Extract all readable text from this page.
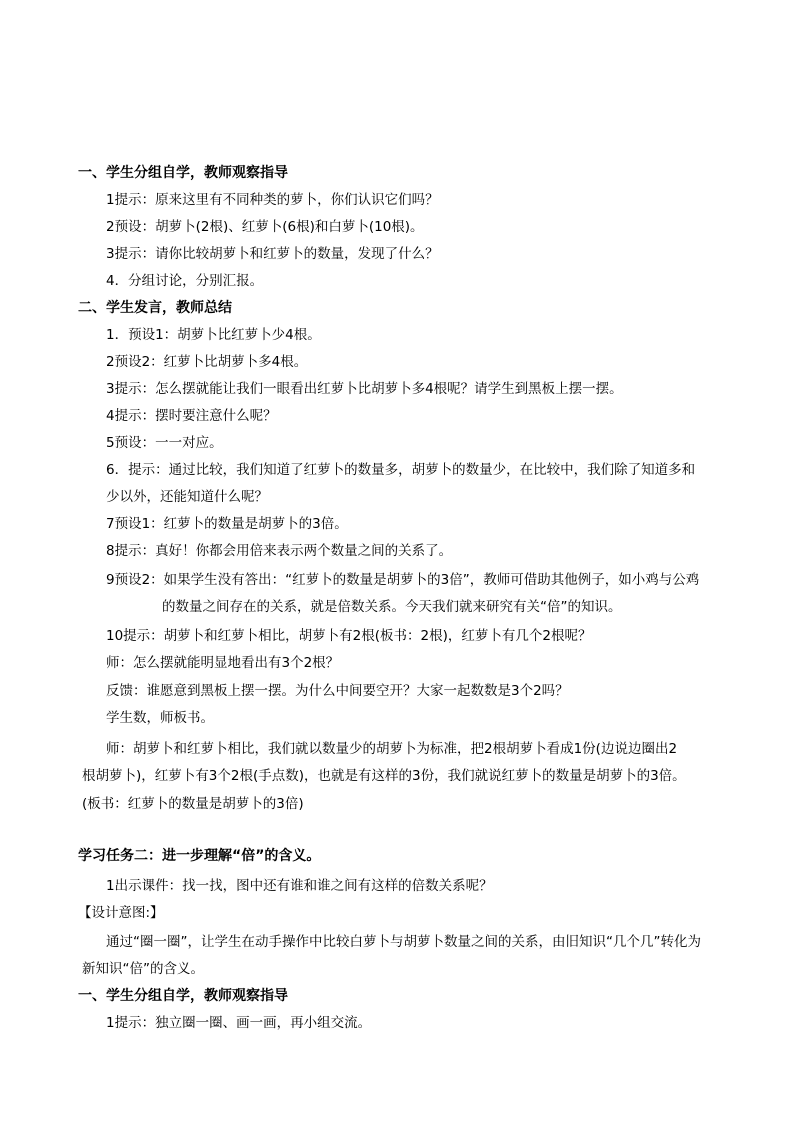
一、学生分组自学，教师观察指导
1提示：原来这里有不同种类的萝卜，你们认识它们吗？
2预设：胡萝卜(2根)、红萝卜(6根)和白萝卜(10根)。
3提示：请你比较胡萝卜和红萝卜的数量，发现了什么？
4．分组讨论，分别汇报。
二、学生发言，教师总结
1．预设1：胡萝卜比红萝卜少4根。
2预设2：红萝卜比胡萝卜多4根。
3提示：怎么摆就能让我们一眼看出红萝卜比胡萝卜多4根呢？请学生到黑板上摆一摆。
4提示：摆时要注意什么呢？
5预设：一一对应。
6．提示：通过比较，我们知道了红萝卜的数量多，胡萝卜的数量少，在比较中，我们除了知道多和
少以外，还能知道什么呢？
7预设1：红萝卜的数量是胡萝卜的3倍。
8提示：真好！你都会用倍来表示两个数量之间的关系了。
9预设2：如果学生没有答出：“红萝卜的数量是胡萝卜的3倍”，教师可借助其他例子，如小鸡与公鸡
的数量之间存在的关系，就是倍数关系。今天我们就来研究有关“倍”的知识。
10提示：胡萝卜和红萝卜相比，胡萝卜有2根(板书：2根)，红萝卜有几个2根呢？
师：怎么摆就能明显地看出有3个2根？
反馈：谁愿意到黑板上摆一摆。为什么中间要空开？大家一起数数是3个2吗？
学生数，师板书。
师：胡萝卜和红萝卜相比，我们就以数量少的胡萝卜为标准，把2根胡萝卜看成1份(边说边圈出2
根胡萝卜)，红萝卜有3个2根(手点数)，也就是有这样的3份，我们就说红萝卜的数量是胡萝卜的3倍。
(板书：红萝卜的数量是胡萝卜的3倍)
学习任务二：进一步理解“倍”的含义。
1出示课件：找一找，图中还有谁和谁之间有这样的倍数关系呢？
【设计意图:】
通过“圈一圈”，让学生在动手操作中比较白萝卜与胡萝卜数量之间的关系，由旧知识“几个几”转化为
新知识“倍”的含义。
一、学生分组自学，教师观察指导
1提示：独立圈一圈、画一画，再小组交流。
